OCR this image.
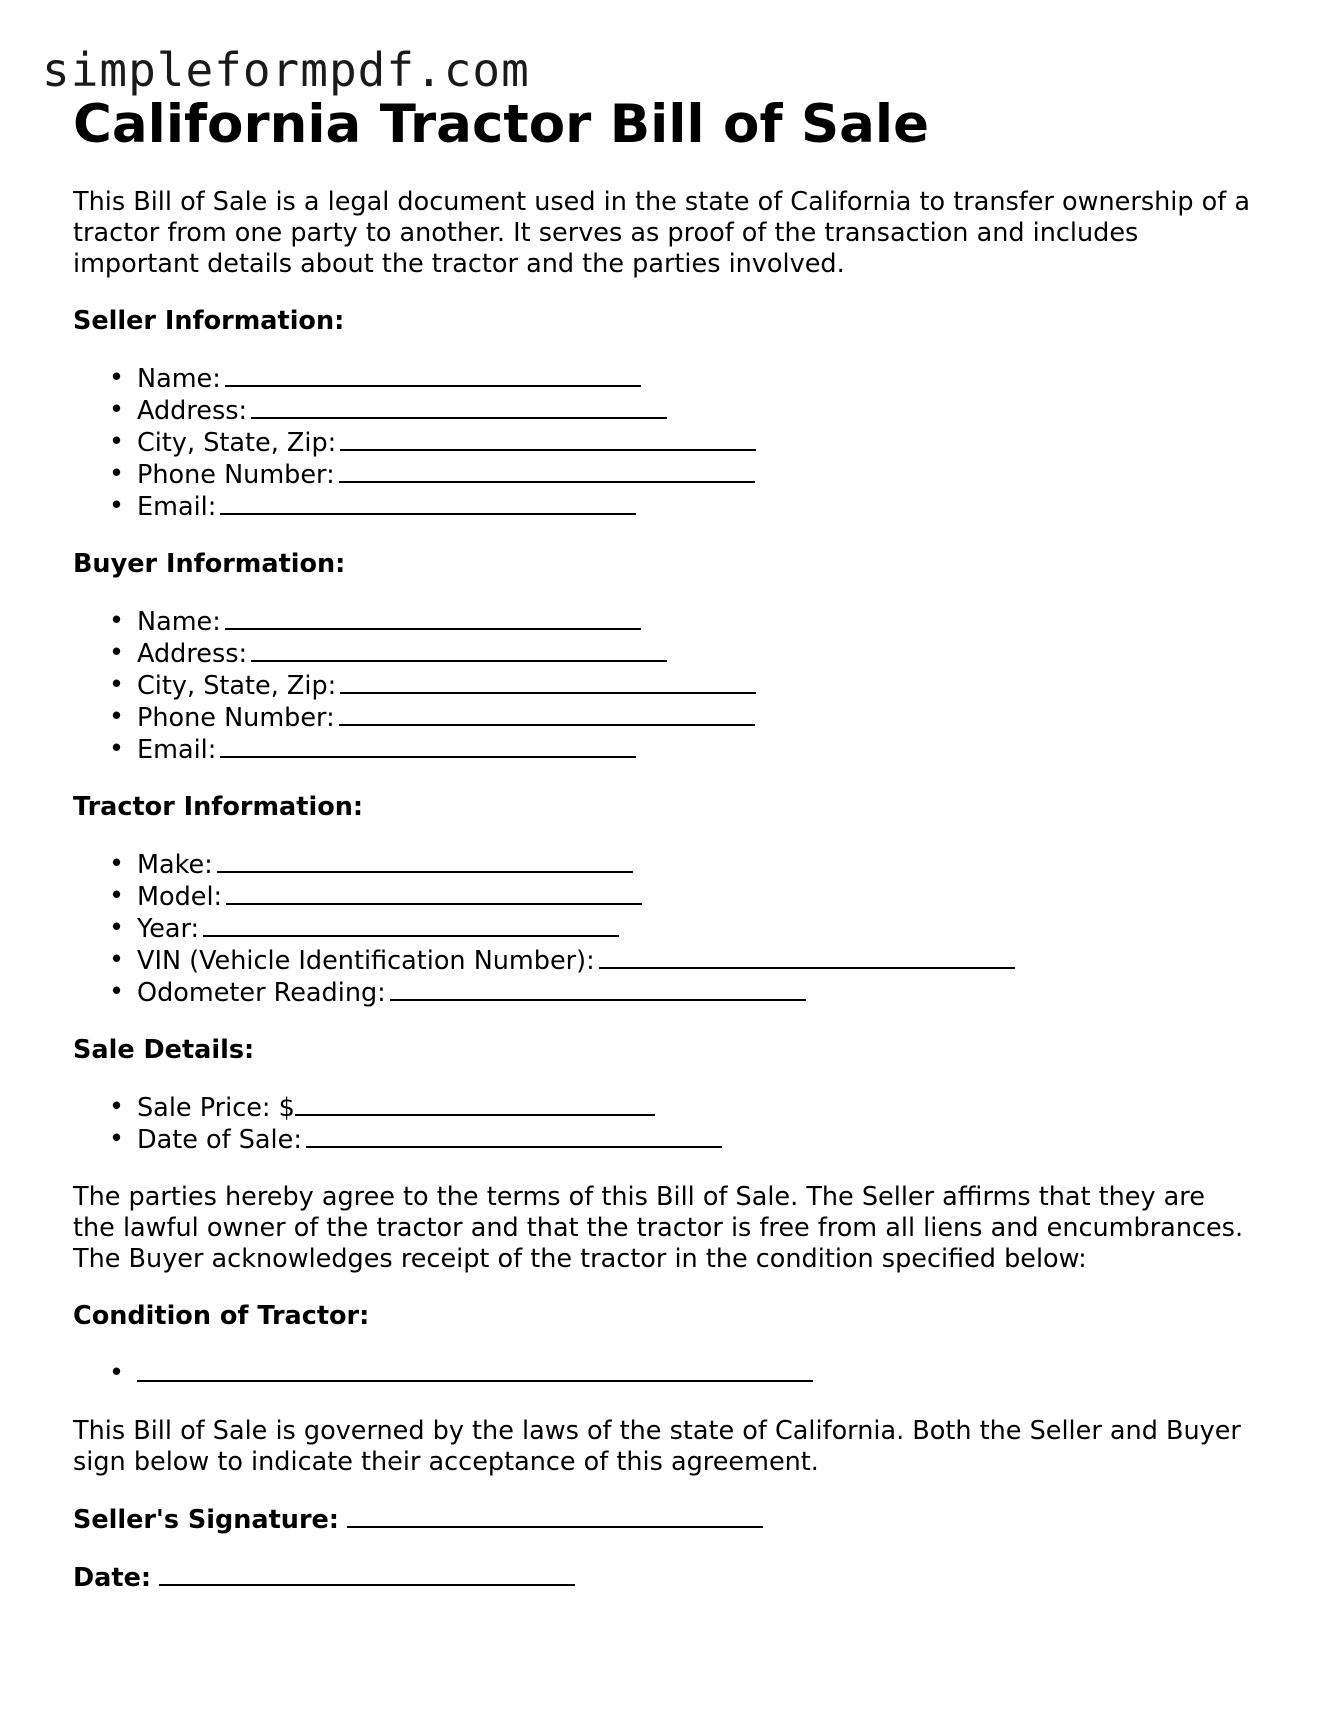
simpleformpdf.com
California Tractor Bill of Sale

This Bill of Sale is a legal document used in the state of California to transfer ownership of a tractor from one party to another. It serves as proof of the transaction and includes important details about the tractor and the parties involved.

Seller Information:
• Name:
• Address:
• City, State, Zip:
• Phone Number:
• Email:
Buyer Information:
• Name:
• Address:
• City, State, Zip:
• Phone Number:
• Email:
Tractor Information:
• Make:
• Model:
• Year:
• VIN (Vehicle Identification Number):
• Odometer Reading:
Sale Details:
• Sale Price: $
• Date of Sale:

The parties hereby agree to the terms of this Bill of Sale. The Seller affirms that they are the lawful owner of the tractor and that the tractor is free from all liens and encumbrances. The Buyer acknowledges receipt of the tractor in the condition specified below:

Condition of Tractor:
•

This Bill of Sale is governed by the laws of the state of California. Both the Seller and Buyer sign below to indicate their acceptance of this agreement.

Seller's Signature:
Date:
